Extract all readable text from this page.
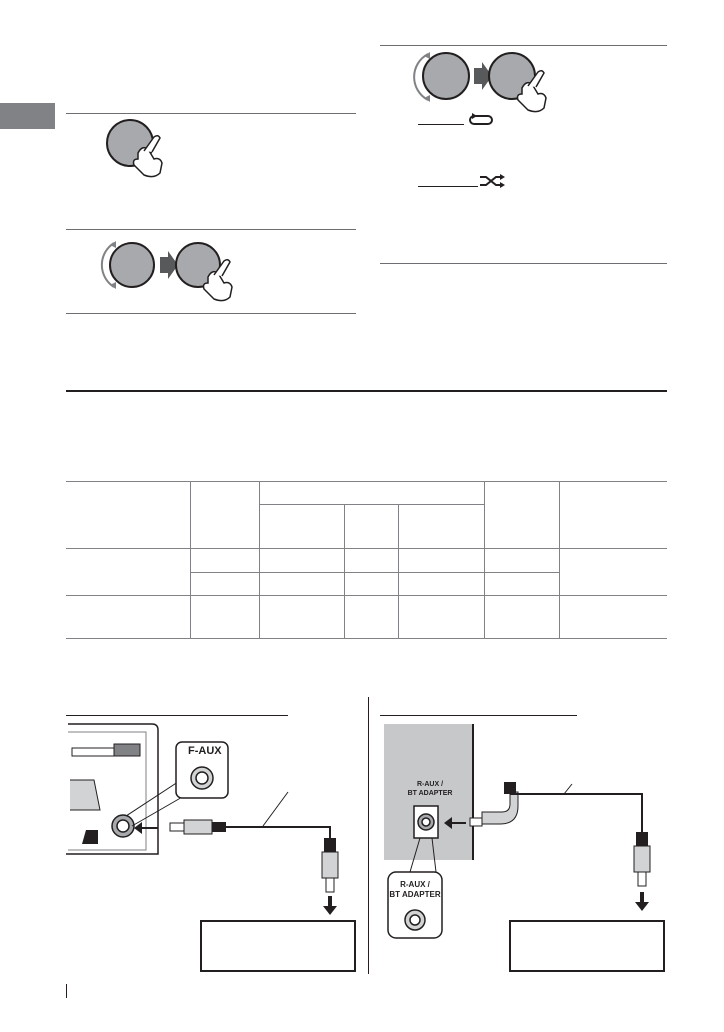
F-AUX
R-AUX /
BT ADAPTER
R-AUX /
BT ADAPTER
